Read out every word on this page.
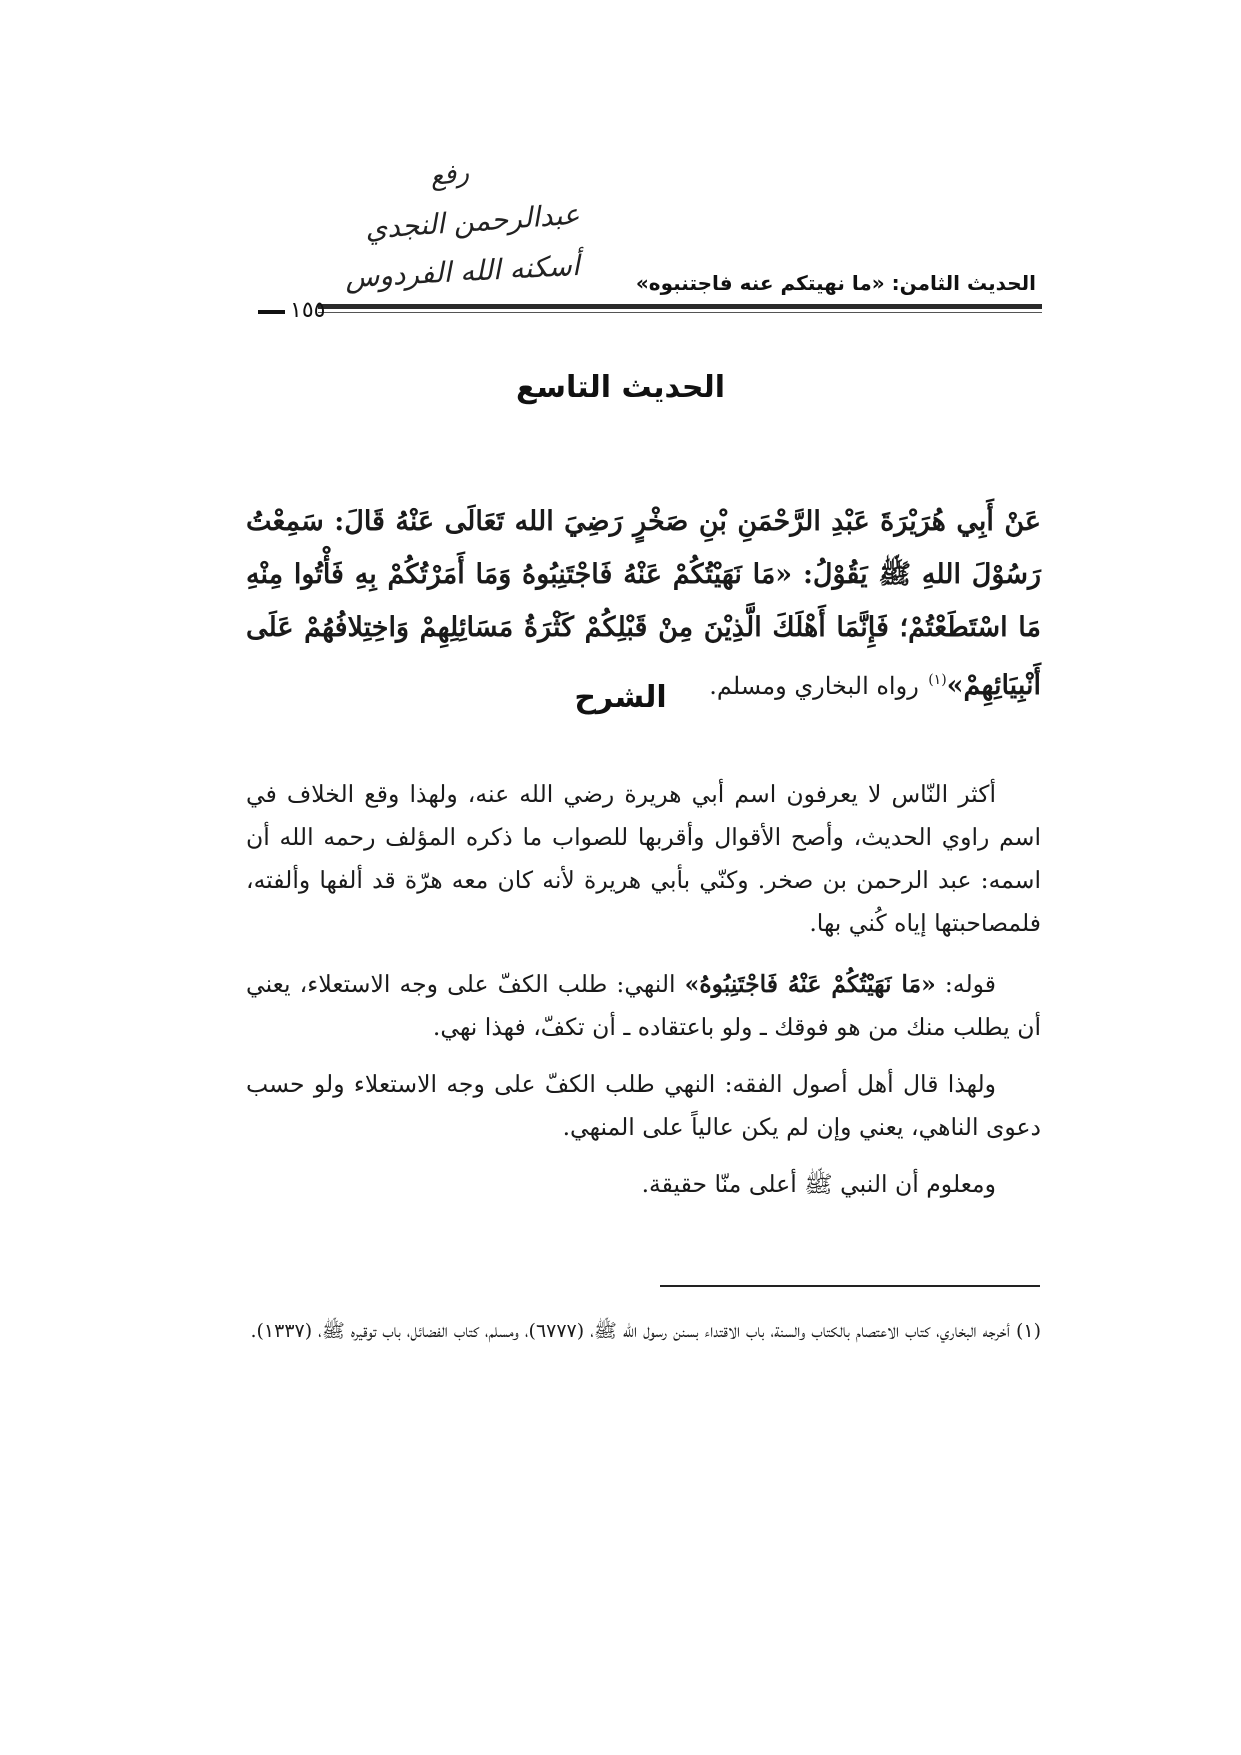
رفع
عبدالرحمن النجدي
أسكنه الله الفردوس	الحديث الثامن: «ما نهيتكم عنه فاجتنبوه»
١٥٥
الحديث التاسع
عَنْ أَبِي هُرَيْرَةَ عَبْدِ الرَّحْمَنِ بْنِ صَخْرٍ رَضِيَ الله تَعَالَى عَنْهُ قَالَ: سَمِعْتُ رَسُوْلَ اللهِ ﷺ يَقُوْلُ: «مَا نَهَيْتُكُمْ عَنْهُ فَاجْتَنِبُوهُ وَمَا أَمَرْتُكُمْ بِهِ فَأْتُوا مِنْهِ مَا اسْتَطَعْتُمْ؛ فَإِنَّمَا أَهْلَكَ الَّذِيْنَ مِنْ قَبْلِكُمْ كَثْرَةُ مَسَائِلِهِمْ وَاخِتِلافُهُمْ عَلَى أَنْبِيَائِهِمْ»$^{(١)}$ رواه البخاري ومسلم.
الشرح
أكثر النّاس لا يعرفون اسم أبي هريرة رضي الله عنه، ولهذا وقع الخلاف في اسم راوي الحديث، وأصح الأقوال وأقربها للصواب ما ذكره المؤلف رحمه الله أن اسمه: عبد الرحمن بن صخر. وكنّي بأبي هريرة لأنه كان معه هرّة قد ألفها وألفته، فلمصاحبتها إياه كُني بها.
قوله: «مَا نَهَيْتُكُمْ عَنْهُ فَاجْتَنِبُوهُ» النهي: طلب الكفّ على وجه الاستعلاء، يعني أن يطلب منك من هو فوقك ـ ولو باعتقاده ـ أن تكفّ، فهذا نهي.
ولهذا قال أهل أصول الفقه: النهي طلب الكفّ على وجه الاستعلاء ولو حسب دعوى الناهي، يعني وإن لم يكن عالياً على المنهي.
ومعلوم أن النبي ﷺ أعلى منّا حقيقة.
(١) أخرجه البخاري، كتاب الاعتصام بالكتاب والسنة، باب الاقتداء بسنن رسول الله ﷺ، (٦٧٧٧)، ومسلم، كتاب الفضائل، باب توقيره ﷺ، (١٣٣٧).
